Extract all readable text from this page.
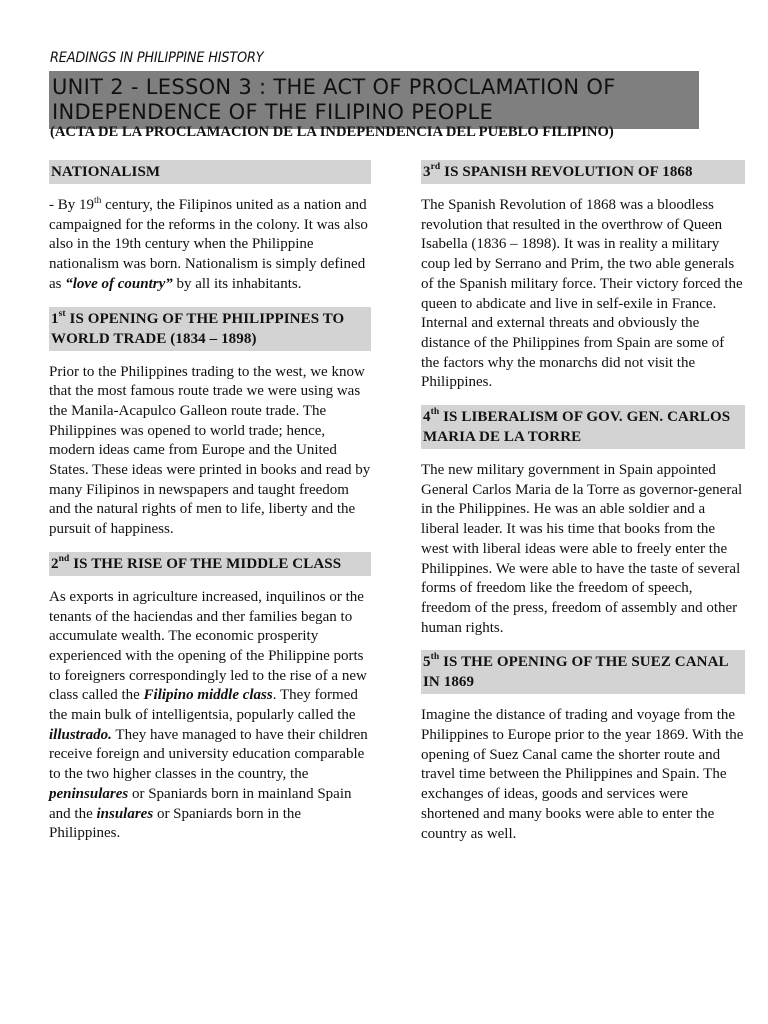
READINGS IN PHILIPPINE HISTORY
UNIT 2 - LESSON 3 : THE ACT OF PROCLAMATION OF
INDEPENDENCE OF THE FILIPINO PEOPLE
(ACTA DE LA PROCLAMACION DE LA INDEPENDENCIA DEL PUEBLO FILIPINO)
NATIONALISM

- By 19th century, the Filipinos united as a nation and campaigned for the reforms in the colony. It was also also in the 19th century when the Philippine nationalism was born. Nationalism is simply defined as “love of country” by all its inhabitants.

1st IS OPENING OF THE PHILIPPINES TO WORLD TRADE (1834 – 1898)

Prior to the Philippines trading to the west, we know that the most famous route trade we were using was the Manila-Acapulco Galleon route trade. The Philippines was opened to world trade; hence, modern ideas came from Europe and the United States. These ideas were printed in books and read by many Filipinos in newspapers and taught freedom and the natural rights of men to life, liberty and the pursuit of happiness.

2nd IS THE RISE OF THE MIDDLE CLASS

As exports in agriculture increased, inquilinos or the tenants of the haciendas and ther families began to accumulate wealth. The economic prosperity experienced with the opening of the Philippine ports to foreigners correspondingly led to the rise of a new class called the Filipino middle class. They formed the main bulk of intelligentsia, popularly called the illustrado. They have managed to have their children receive foreign and university education comparable to the two higher classes in the country, the peninsulares or Spaniards born in mainland Spain and the insulares or Spaniards born in the Philippines.

3rd IS SPANISH REVOLUTION OF 1868

The Spanish Revolution of 1868 was a bloodless revolution that resulted in the overthrow of Queen Isabella (1836 – 1898). It was in reality a military coup led by Serrano and Prim, the two able generals of the Spanish military force. Their victory forced the queen to abdicate and live in self-exile in France. Internal and external threats and obviously the distance of the Philippines from Spain are some of the factors why the monarchs did not visit the Philippines.

4th IS LIBERALISM OF GOV. GEN. CARLOS MARIA DE LA TORRE

The new military government in Spain appointed General Carlos Maria de la Torre as governor-general in the Philippines. He was an able soldier and a liberal leader. It was his time that books from the west with liberal ideas were able to freely enter the Philippines. We were able to have the taste of several forms of freedom like the freedom of speech, freedom of the press, freedom of assembly and other human rights.

5th IS THE OPENING OF THE SUEZ CANAL IN 1869

Imagine the distance of trading and voyage from the Philippines to Europe prior to the year 1869. With the opening of Suez Canal came the shorter route and travel time between the Philippines and Spain. The exchanges of ideas, goods and services were shortened and many books were able to enter the country as well.
